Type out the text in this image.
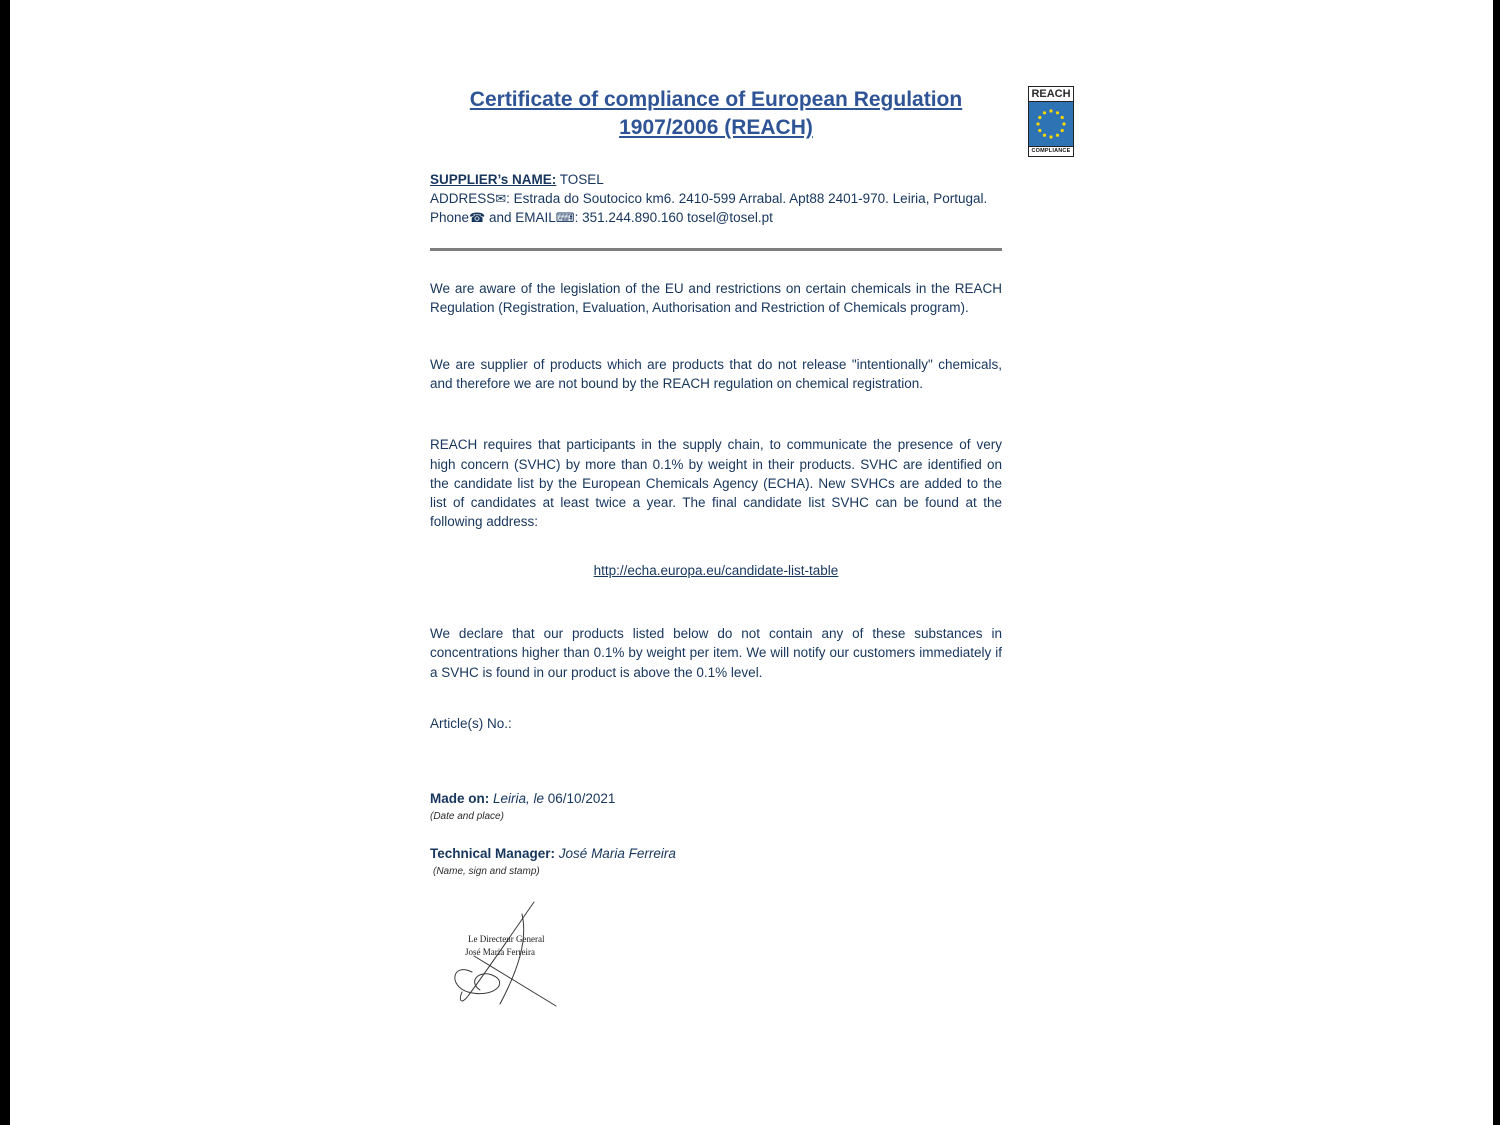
REACH
COMPLIANCE
Certificate of compliance of European Regulation
1907/2006 (REACH)
SUPPLIER’s NAME: TOSEL
ADDRESS✉: Estrada do Soutocico km6. 2410-599 Arrabal. Apt88 2401-970. Leiria, Portugal.
Phone☎ and EMAIL⌨: 351.244.890.160 tosel@tosel.pt

We are aware of the legislation of the EU and restrictions on certain chemicals in the REACH Regulation (Registration, Evaluation, Authorisation and Restriction of Chemicals program).

We are supplier of products which are products that do not release "intentionally" chemicals, and therefore we are not bound by the REACH regulation on chemical registration.

REACH requires that participants in the supply chain, to communicate the presence of very high concern (SVHC) by more than 0.1% by weight in their products. SVHC are identified on the candidate list by the European Chemicals Agency (ECHA). New SVHCs are added to the list of candidates at least twice a year. The final candidate list SVHC can be found at the following address:

http://echa.europa.eu/candidate-list-table

We declare that our products listed below do not contain any of these substances in concentrations higher than 0.1% by weight per item. We will notify our customers immediately if a SVHC is found in our product is above the 0.1% level.

Article(s) No.:
Made on: Leiria, le 06/10/2021
(Date and place)
Technical Manager: José Maria Ferreira
(Name, sign and stamp)
Le Directeur General
José Maria Ferreira
